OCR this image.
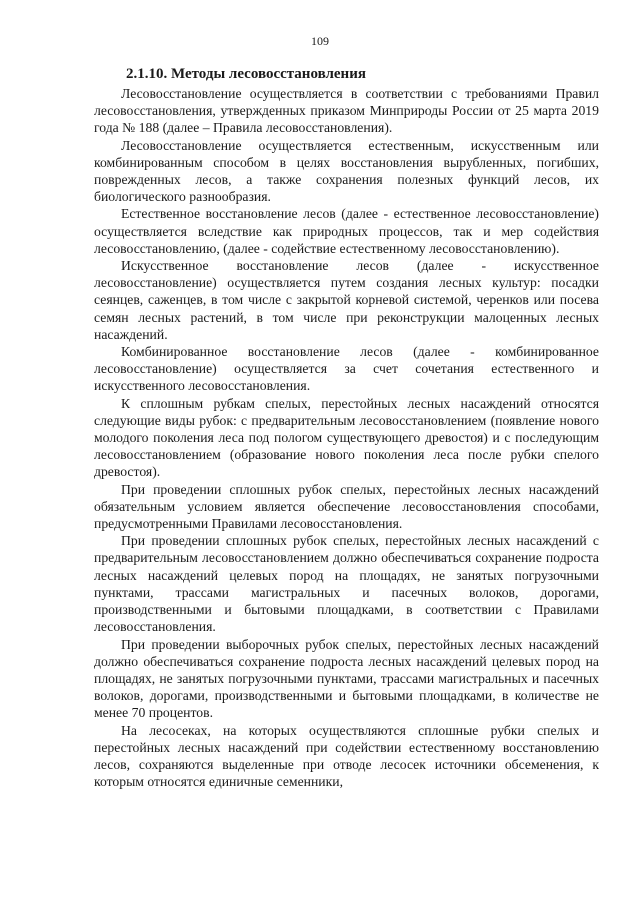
109
2.1.10. Методы лесовосстановления

Лесовосстановление осуществляется в соответствии с требованиями Правил лесовосстановления, утвержденных приказом Минприроды России от 25 марта 2019 года № 188 (далее – Правила лесовосстановления).

Лесовосстановление осуществляется естественным, искусственным или комбинированным способом в целях восстановления вырубленных, погибших, поврежденных лесов, а также сохранения полезных функций лесов, их биологического разнообразия.

Естественное восстановление лесов (далее - естественное лесовосстановление) осуществляется вследствие как природных процессов, так и мер содействия лесовосстановлению, (далее - содействие естественному лесовосстановлению).

Искусственное восстановление лесов (далее - искусственное лесовосстановление) осуществляется путем создания лесных культур: посадки сеянцев, саженцев, в том числе с закрытой корневой системой, черенков или посева семян лесных растений, в том числе при реконструкции малоценных лесных насаждений.

Комбинированное восстановление лесов (далее - комбинированное лесовосстановление) осуществляется за счет сочетания естественного и искусственного лесовосстановления.

К сплошным рубкам спелых, перестойных лесных насаждений относятся следующие виды рубок: с предварительным лесовосстановлением (появление нового молодого поколения леса под пологом существующего древостоя) и с последующим лесовосстановлением (образование нового поколения леса после рубки спелого древостоя).

При проведении сплошных рубок спелых, перестойных лесных насаждений обязательным условием является обеспечение лесовосстановления способами, предусмотренными Правилами лесовосстановления.

При проведении сплошных рубок спелых, перестойных лесных насаждений с предварительным лесовосстановлением должно обеспечиваться сохранение подроста лесных насаждений целевых пород на площадях, не занятых погрузочными пунктами, трассами магистральных и пасечных волоков, дорогами, производственными и бытовыми площадками, в соответствии с Правилами лесовосстановления.

При проведении выборочных рубок спелых, перестойных лесных насаждений должно обеспечиваться сохранение подроста лесных насаждений целевых пород на площадях, не занятых погрузочными пунктами, трассами магистральных и пасечных волоков, дорогами, производственными и бытовыми площадками, в количестве не менее 70 процентов.

На лесосеках, на которых осуществляются сплошные рубки спелых и перестойных лесных насаждений при содействии естественному восстановлению лесов, сохраняются выделенные при отводе лесосек источники обсеменения, к которым относятся единичные семенники,
